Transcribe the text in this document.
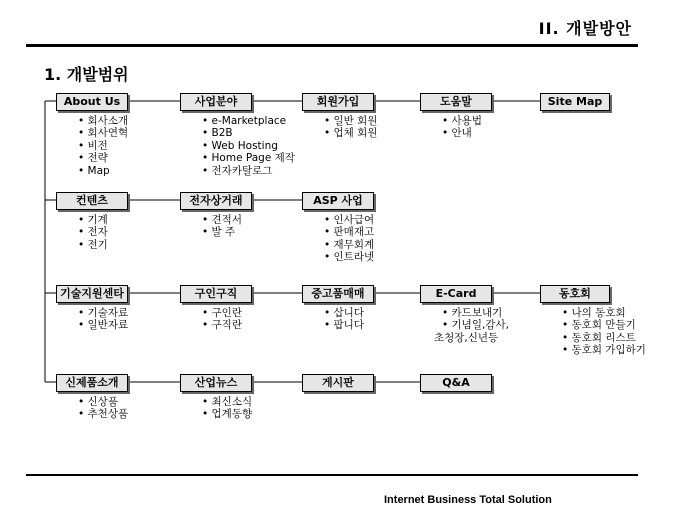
II. 개발방안
1. 개발범위
About Us
• 회사소개
• 회사연혁
• 비전
• 전략
• Map
사업분야
• e-Marketplace
• B2B
• Web Hosting
• Home Page 제작
• 전자카탈로그
회원가입
• 일반 회원
• 업체 회원
도움말
• 사용법
• 안내
Site Map
컨텐츠
• 기계
• 전자
• 전기
전자상거래
• 견적서
• 발 주
ASP 사업
• 인사급여
• 판매재고
• 재무회계
• 인트라넷
기술지원센타
• 기술자료
• 일반자료
구인구직
• 구인란
• 구직란
중고품매매
• 삽니다
• 팝니다
E-Card
• 카드보내기
• 기념일,감사,
초청장,신년등
동호회
• 나의 동호회
• 동호회 만들기
• 동호회 리스트
• 동호회 가입하기
신제품소개
• 신상품
• 추천상품
산업뉴스
• 최신소식
• 업계동향
게시판	Q&A
Internet Business Total Solution
